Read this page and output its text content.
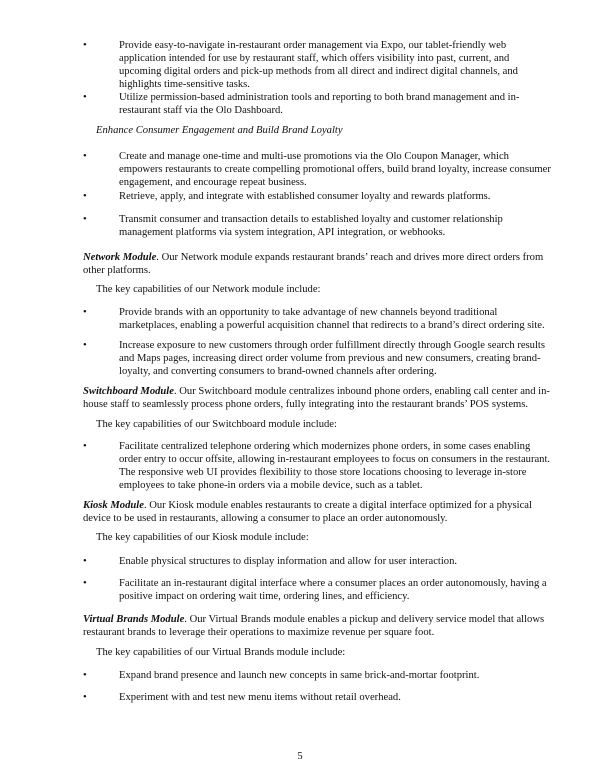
•	Provide easy-to-navigate in-restaurant order management via Expo, our tablet-friendly web application intended for use by restaurant staff, which offers visibility into past, current, and upcoming digital orders and pick-up methods from all direct and indirect digital channels, and highlights time-sensitive tasks.
•	Utilize permission-based administration tools and reporting to both brand management and in-restaurant staff via the Olo Dashboard.
Enhance Consumer Engagement and Build Brand Loyalty
•	Create and manage one-time and multi-use promotions via the Olo Coupon Manager, which empowers restaurants to create compelling promotional offers, build brand loyalty, increase consumer engagement, and encourage repeat business.
•	Retrieve, apply, and integrate with established consumer loyalty and rewards platforms.
•	Transmit consumer and transaction details to established loyalty and customer relationship management platforms via system integration, API integration, or webhooks.
Network Module. Our Network module expands restaurant brands’ reach and drives more direct orders from other platforms.
The key capabilities of our Network module include:
•	Provide brands with an opportunity to take advantage of new channels beyond traditional marketplaces, enabling a powerful acquisition channel that redirects to a brand’s direct ordering site.
•	Increase exposure to new customers through order fulfillment directly through Google search results and Maps pages, increasing direct order volume from previous and new consumers, creating brand-loyalty, and converting consumers to brand-owned channels after ordering.
Switchboard Module. Our Switchboard module centralizes inbound phone orders, enabling call center and in-house staff to seamlessly process phone orders, fully integrating into the restaurant brands’ POS systems.
The key capabilities of our Switchboard module include:
•	Facilitate centralized telephone ordering which modernizes phone orders, in some cases enabling order entry to occur offsite, allowing in-restaurant employees to focus on consumers in the restaurant. The responsive web UI provides flexibility to those store locations choosing to leverage in-store employees to take phone-in orders via a mobile device, such as a tablet.
Kiosk Module. Our Kiosk module enables restaurants to create a digital interface optimized for a physical device to be used in restaurants, allowing a consumer to place an order autonomously.
The key capabilities of our Kiosk module include:
•	Enable physical structures to display information and allow for user interaction.
•	Facilitate an in-restaurant digital interface where a consumer places an order autonomously, having a positive impact on ordering wait time, ordering lines, and efficiency.
Virtual Brands Module. Our Virtual Brands module enables a pickup and delivery service model that allows restaurant brands to leverage their operations to maximize revenue per square foot.
The key capabilities of our Virtual Brands module include:
•	Expand brand presence and launch new concepts in same brick-and-mortar footprint.
•	Experiment with and test new menu items without retail overhead.
5
